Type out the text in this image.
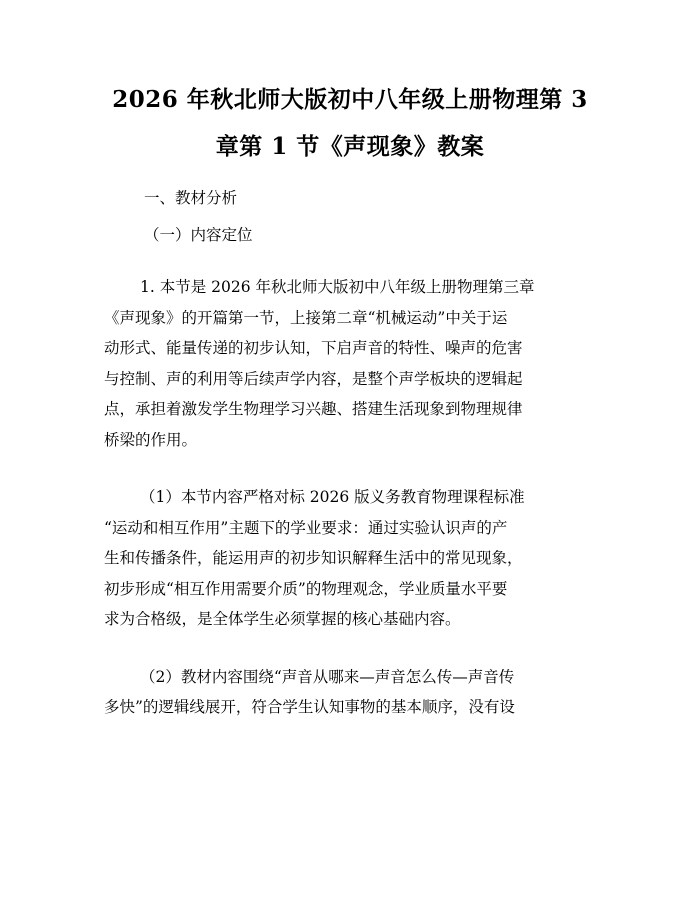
2026 年秋北师大版初中八年级上册物理第 3
章第 1 节《声现象》教案
一、教材分析
（一）内容定位

1. 本节是 2026 年秋北师大版初中八年级上册物理第三章
《声现象》的开篇第一节，上接第二章“机械运动”中关于运
动形式、能量传递的初步认知，下启声音的特性、噪声的危害
与控制、声的利用等后续声学内容，是整个声学板块的逻辑起
点，承担着激发学生物理学习兴趣、搭建生活现象到物理规律
桥梁的作用。

（1）本节内容严格对标 2026 版义务教育物理课程标准
“运动和相互作用”主题下的学业要求：通过实验认识声的产
生和传播条件，能运用声的初步知识解释生活中的常见现象，
初步形成“相互作用需要介质”的物理观念，学业质量水平要
求为合格级，是全体学生必须掌握的核心基础内容。

（2）教材内容围绕“声音从哪来—声音怎么传—声音传
多快”的逻辑线展开，符合学生认知事物的基本顺序，没有设
